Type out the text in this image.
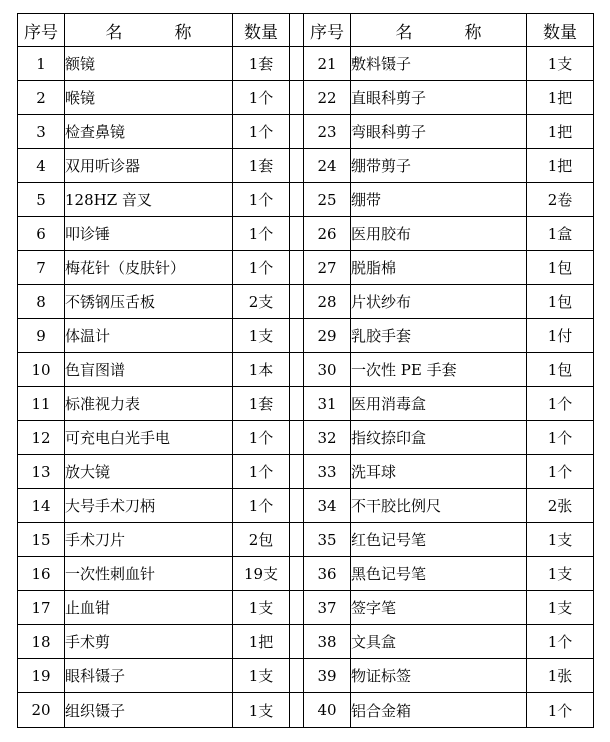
序号	名 称	数量		序号	名 称	数量
1	额镜	1套		21	敷料镊子	1支
2	喉镜	1个		22	直眼科剪子	1把
3	检查鼻镜	1个		23	弯眼科剪子	1把
4	双用听诊器	1套		24	绷带剪子	1把
5	128HZ 音叉	1个		25	绷带	2卷
6	叩诊锤	1个		26	医用胶布	1盒
7	梅花针（皮肤针）	1个		27	脱脂棉	1包
8	不锈钢压舌板	2支		28	片状纱布	1包
9	体温计	1支		29	乳胶手套	1付
10	色盲图谱	1本		30	一次性 PE 手套	1包
11	标准视力表	1套		31	医用消毒盒	1个
12	可充电白光手电	1个		32	指纹捺印盒	1个
13	放大镜	1个		33	洗耳球	1个
14	大号手术刀柄	1个		34	不干胶比例尺	2张
15	手术刀片	2包		35	红色记号笔	1支
16	一次性刺血针	19支		36	黑色记号笔	1支
17	止血钳	1支		37	签字笔	1支
18	手术剪	1把		38	文具盒	1个
19	眼科镊子	1支		39	物证标签	1张
20	组织镊子	1支		40	铝合金箱	1个
